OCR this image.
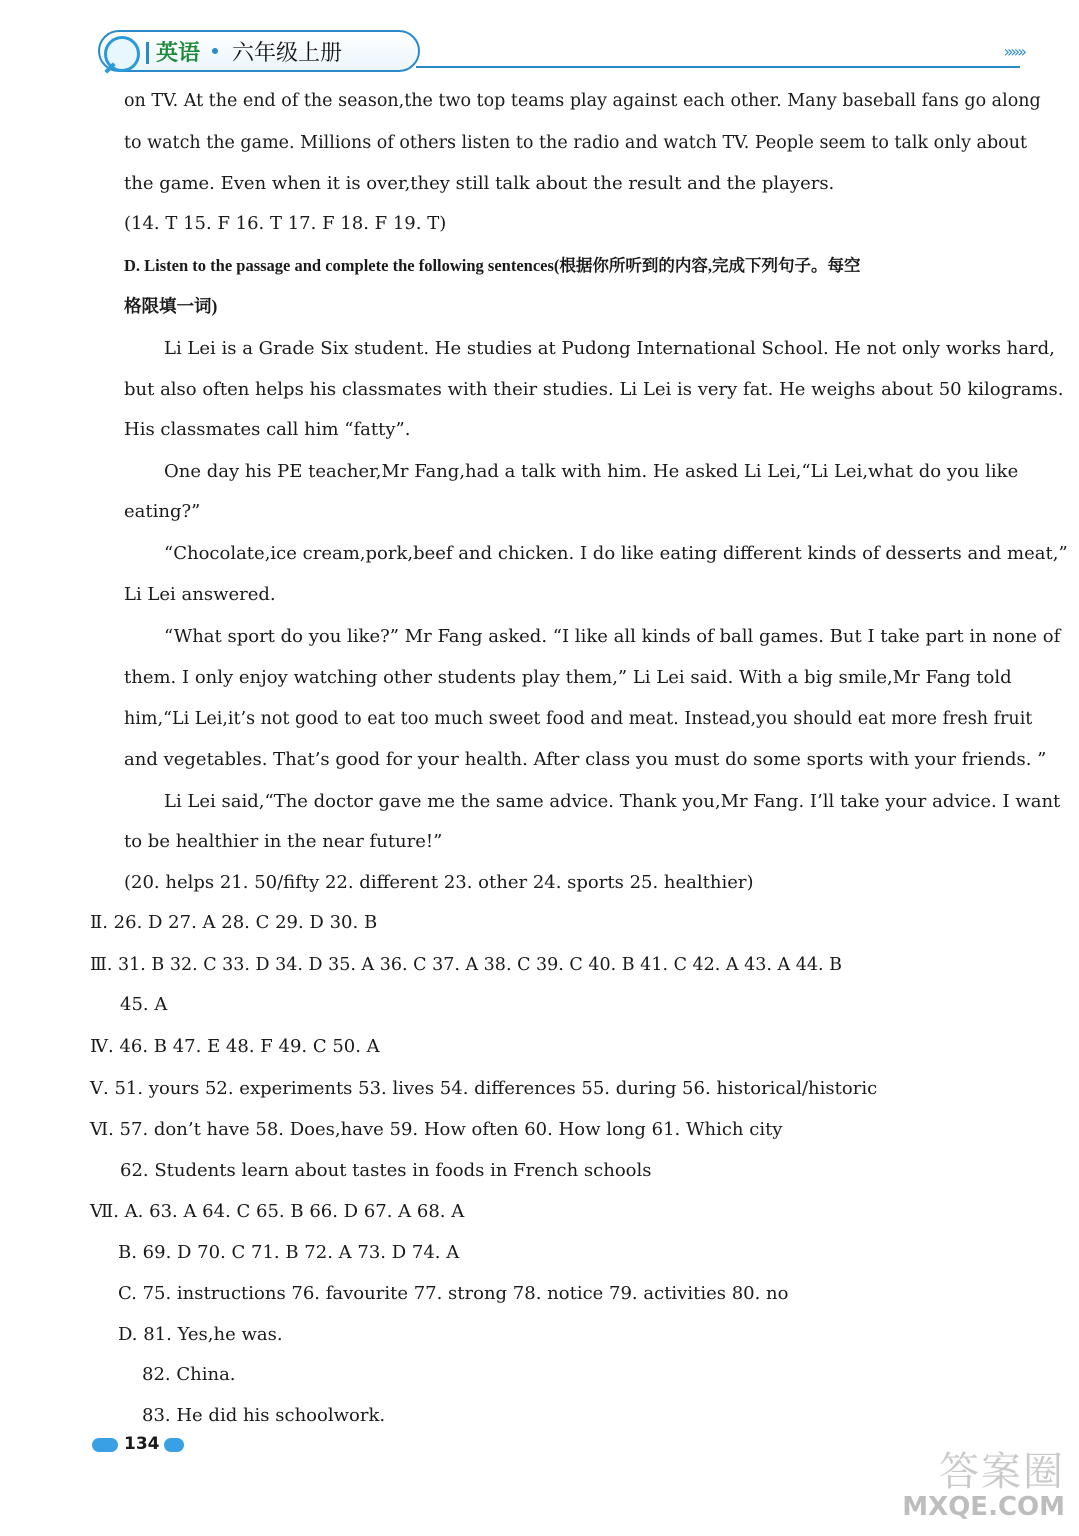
英语 六年级上册	››››››
on TV. At the end of the season,the two top teams play against each other. Many baseball fans go along
to watch the game. Millions of others listen to the radio and watch TV. People seem to talk only about
the game. Even when it is over,they still talk about the result and the players.
(14. T 15. F 16. T 17. F 18. F 19. T)
D. Listen to the passage and complete the following sentences(根据你所听到的内容,完成下列句子。每空
格限填一词)
Li Lei is a Grade Six student. He studies at Pudong International School. He not only works hard,
but also often helps his classmates with their studies. Li Lei is very fat. He weighs about 50 kilograms.
His classmates call him “fatty”.
One day his PE teacher,Mr Fang,had a talk with him. He asked Li Lei,“Li Lei,what do you like
eating?”
“Chocolate,ice cream,pork,beef and chicken. I do like eating different kinds of desserts and meat,”
Li Lei answered.
“What sport do you like?” Mr Fang asked. “I like all kinds of ball games. But I take part in none of
them. I only enjoy watching other students play them,” Li Lei said. With a big smile,Mr Fang told
him,“Li Lei,it’s not good to eat too much sweet food and meat. Instead,you should eat more fresh fruit
and vegetables. That’s good for your health. After class you must do some sports with your friends. ”
Li Lei said,“The doctor gave me the same advice. Thank you,Mr Fang. I’ll take your advice. I want
to be healthier in the near future!”
(20. helps 21. 50/fifty 22. different 23. other 24. sports 25. healthier)
Ⅱ. 26. D 27. A 28. C 29. D 30. B
Ⅲ. 31. B 32. C 33. D 34. D 35. A 36. C 37. A 38. C 39. C 40. B 41. C 42. A 43. A 44. B
45. A
Ⅳ. 46. B 47. E 48. F 49. C 50. A
Ⅴ. 51. yours 52. experiments 53. lives 54. differences 55. during 56. historical/historic
Ⅵ. 57. don’t have 58. Does,have 59. How often 60. How long 61. Which city
62. Students learn about tastes in foods in French schools
Ⅶ. A. 63. A 64. C 65. B 66. D 67. A 68. A
B. 69. D 70. C 71. B 72. A 73. D 74. A
C. 75. instructions 76. favourite 77. strong 78. notice 79. activities 80. no
D. 81. Yes,he was.
82. China.
83. He did his schoolwork.
134
答案圈
MXQE.COM
